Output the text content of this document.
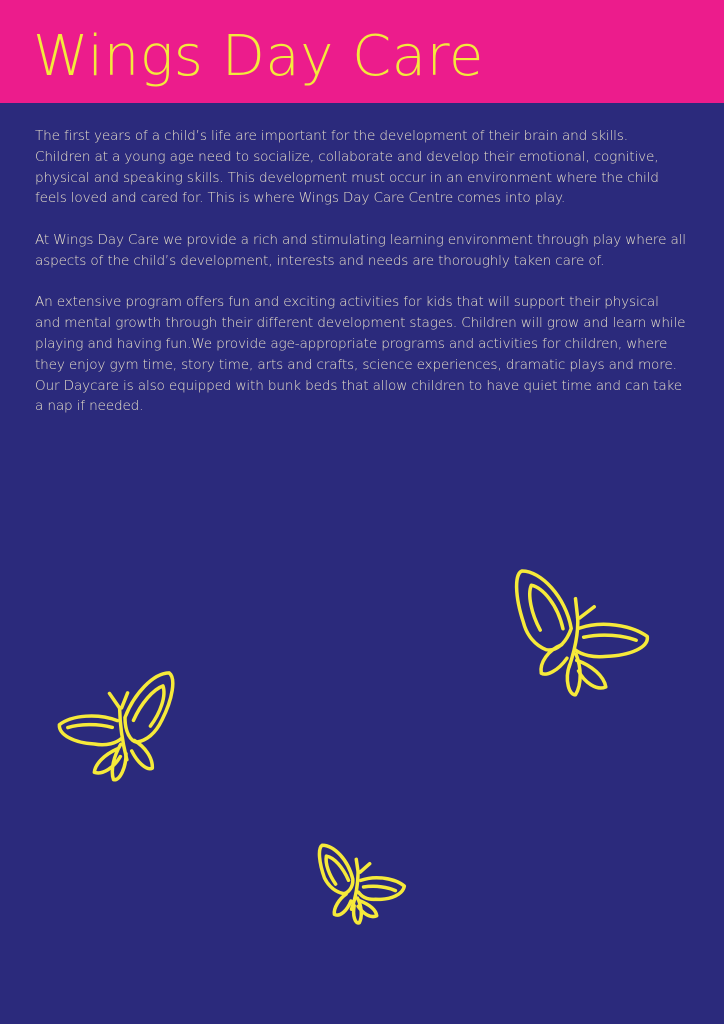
Wings Day Care

The first years of a child’s life are important for the development of their brain and skills. Children at a young age need to socialize, collaborate and develop their emotional, cognitive, physical and speaking skills. This development must occur in an environment where the child feels loved and cared for. This is where Wings Day Care Centre comes into play.

At Wings Day Care we provide a rich and stimulating learning environment through play where all aspects of the child’s development, interests and needs are thoroughly taken care of.

An extensive program offers fun and exciting activities for kids that will support their physical and mental growth through their different development stages. Children will grow and learn while playing and having fun.We provide age-appropriate programs and activities for children, where they enjoy gym time, story time, arts and crafts, science experiences, dramatic plays and more. Our Daycare is also equipped with bunk beds that allow children to have quiet time and can take a nap if needed.
